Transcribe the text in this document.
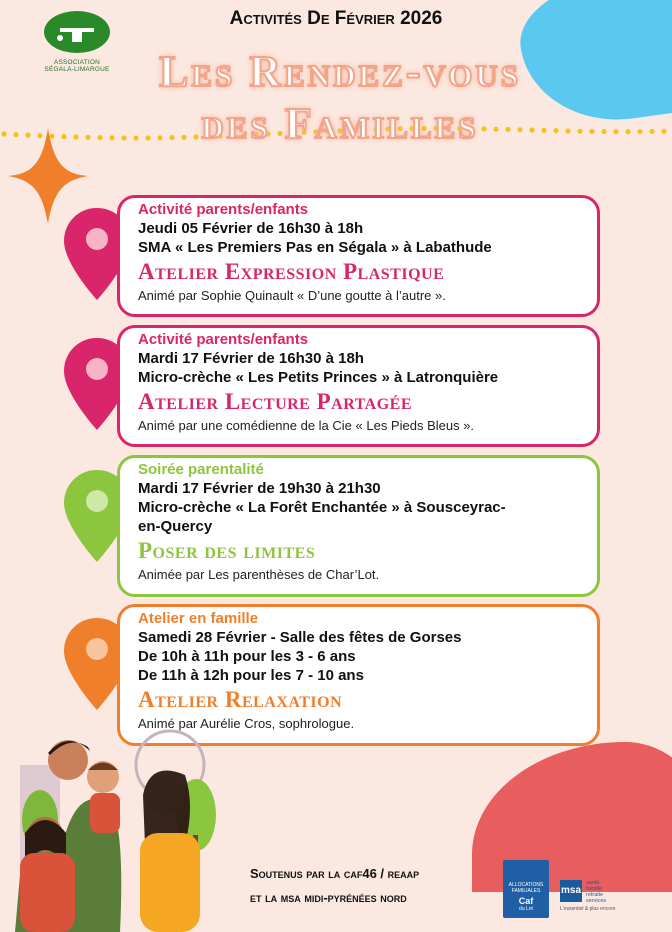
ASSOCIATION
SÉGALA-LIMARGUE
Activités De Février 2026
Les Rendez-vous
des Familles
Activité parents/enfants
Jeudi 05 Février de 16h30 à 18h
SMA « Les Premiers Pas en Ségala » à Labathude
Atelier Expression Plastique
Animé par Sophie Quinault « D’une goutte à l’autre ».
Activité parents/enfants
Mardi 17 Février de 16h30 à 18h
Micro-crèche « Les Petits Princes » à Latronquière
Atelier Lecture Partagée
Animé par une comédienne de la Cie « Les Pieds Bleus ».
Soirée parentalité
Mardi 17 Février de 19h30 à 21h30
Micro-crèche « La Forêt Enchantée » à Sousceyrac-
en-Quercy
Poser des limites
Animée par Les parenthèses de Char’Lot.
Atelier en famille
Samedi 28 Février - Salle des fêtes de Gorses
De 10h à 11h pour les 3 - 6 ans
De 11h à 12h pour les 7 - 10 ans
Atelier Relaxation
Animé par Aurélie Cros, sophrologue.
Soutenus par la caf46 / reaap
et la msa midi-pyrénées nord
ALLOCATIONS
FAMILIALES
Caf
du Lot
msa
santé
famille
retraite
services
L'essentiel & plus encore
